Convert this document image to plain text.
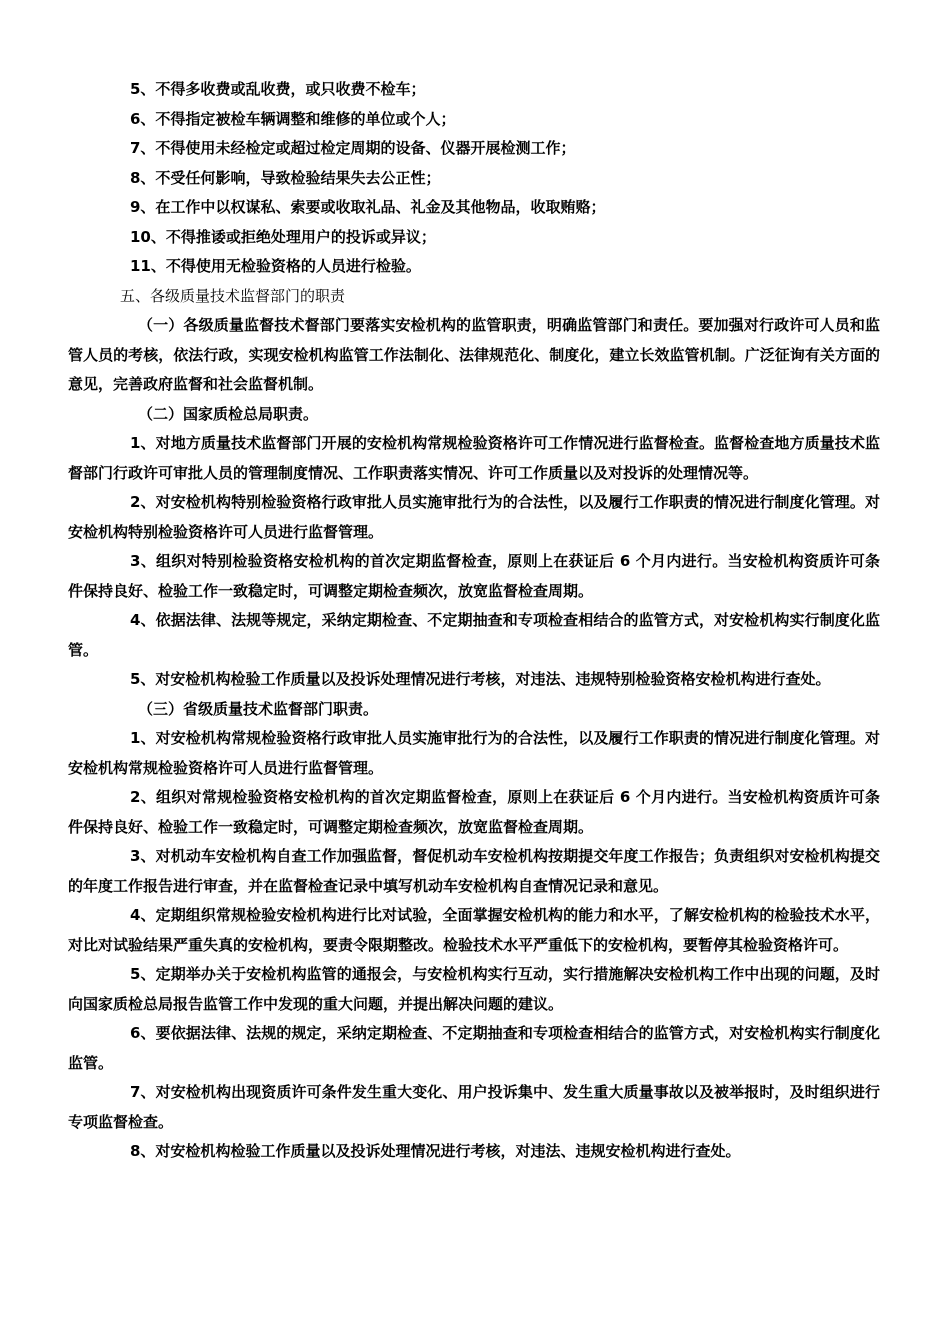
5、不得多收费或乱收费，或只收费不检车；

6、不得指定被检车辆调整和维修的单位或个人；

7、不得使用未经检定或超过检定周期的设备、仪器开展检测工作；

8、不受任何影响，导致检验结果失去公正性；

9、在工作中以权谋私、索要或收取礼品、礼金及其他物品，收取贿赂；

10、不得推诿或拒绝处理用户的投诉或异议；

11、不得使用无检验资格的人员进行检验。

五、各级质量技术监督部门的职责

（一）各级质量监督技术督部门要落实安检机构的监管职责，明确监管部门和责任。要加强对行政许可人员和监管人员的考核，依法行政，实现安检机构监管工作法制化、法律规范化、制度化，建立长效监管机制。广泛征询有关方面的意见，完善政府监督和社会监督机制。

（二）国家质检总局职责。

1、对地方质量技术监督部门开展的安检机构常规检验资格许可工作情况进行监督检查。监督检查地方质量技术监督部门行政许可审批人员的管理制度情况、工作职责落实情况、许可工作质量以及对投诉的处理情况等。

2、对安检机构特别检验资格行政审批人员实施审批行为的合法性，以及履行工作职责的情况进行制度化管理。对安检机构特别检验资格许可人员进行监督管理。

3、组织对特别检验资格安检机构的首次定期监督检查，原则上在获证后 6 个月内进行。当安检机构资质许可条件保持良好、检验工作一致稳定时，可调整定期检查频次，放宽监督检查周期。

4、依据法律、法规等规定，采纳定期检查、不定期抽查和专项检查相结合的监管方式，对安检机构实行制度化监管。

5、对安检机构检验工作质量以及投诉处理情况进行考核，对违法、违规特别检验资格安检机构进行查处。

（三）省级质量技术监督部门职责。

1、对安检机构常规检验资格行政审批人员实施审批行为的合法性，以及履行工作职责的情况进行制度化管理。对安检机构常规检验资格许可人员进行监督管理。

2、组织对常规检验资格安检机构的首次定期监督检查，原则上在获证后 6 个月内进行。当安检机构资质许可条件保持良好、检验工作一致稳定时，可调整定期检查频次，放宽监督检查周期。

3、对机动车安检机构自查工作加强监督，督促机动车安检机构按期提交年度工作报告；负责组织对安检机构提交的年度工作报告进行审查，并在监督检查记录中填写机动车安检机构自查情况记录和意见。

4、定期组织常规检验安检机构进行比对试验，全面掌握安检机构的能力和水平，了解安检机构的检验技术水平，对比对试验结果严重失真的安检机构，要责令限期整改。检验技术水平严重低下的安检机构，要暂停其检验资格许可。

5、定期举办关于安检机构监管的通报会，与安检机构实行互动，实行措施解决安检机构工作中出现的问题，及时向国家质检总局报告监管工作中发现的重大问题，并提出解决问题的建议。

6、要依据法律、法规的规定，采纳定期检查、不定期抽查和专项检查相结合的监管方式，对安检机构实行制度化监管。

7、对安检机构出现资质许可条件发生重大变化、用户投诉集中、发生重大质量事故以及被举报时，及时组织进行专项监督检查。

8、对安检机构检验工作质量以及投诉处理情况进行考核，对违法、违规安检机构进行查处。
